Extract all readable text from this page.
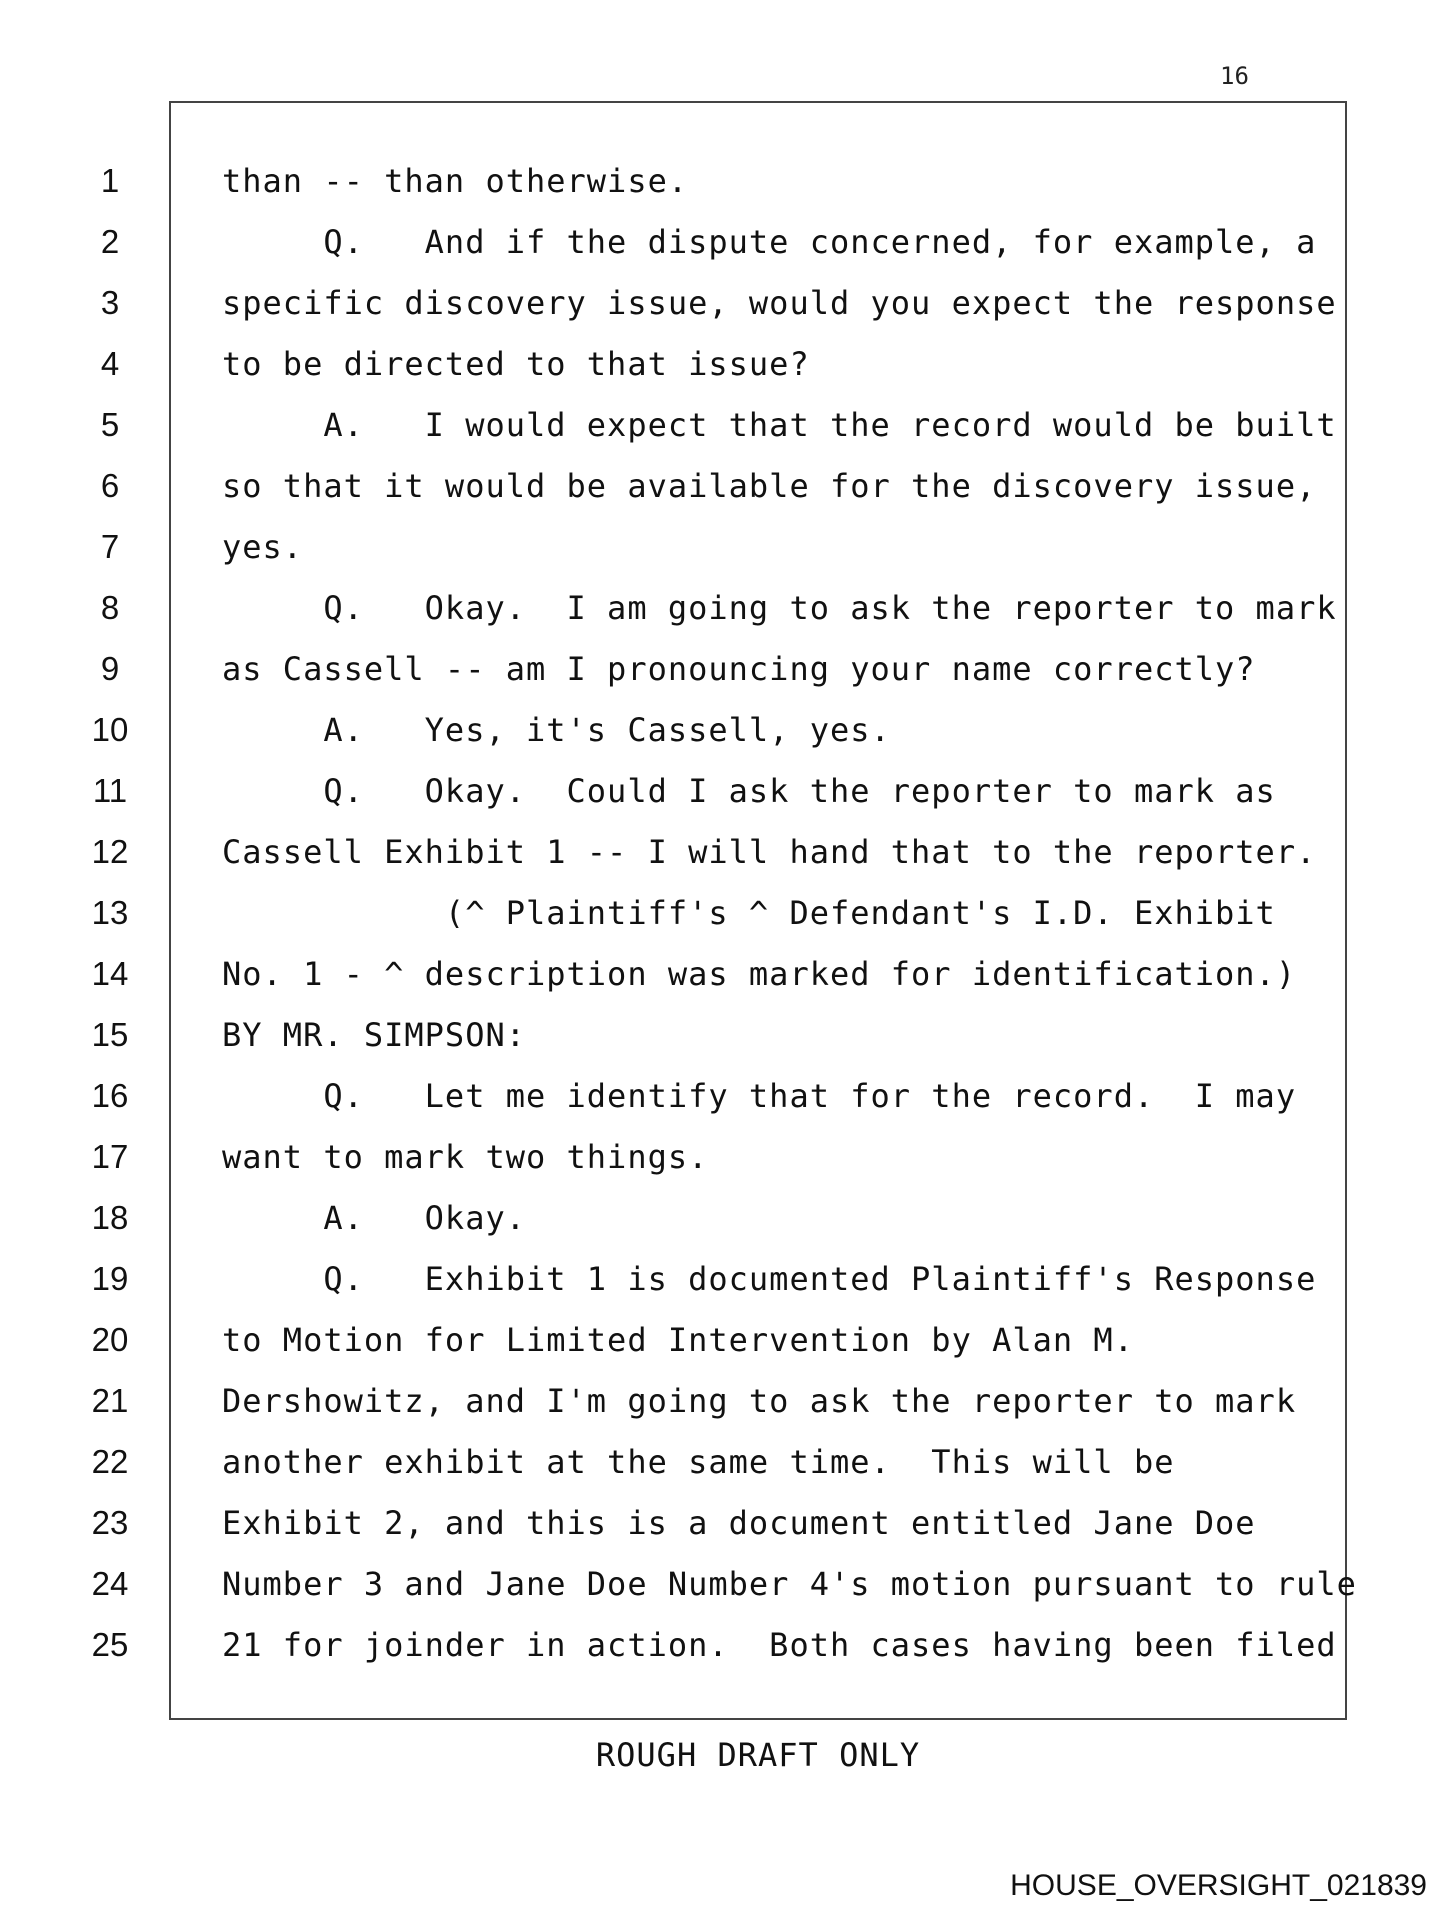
16
1
2
3
4
5
6
7
8
9
10
11
12
13
14
15
16
17
18
19
20
21
22
23
24
25
than -- than otherwise.
Q.   And if the dispute concerned, for example, a
specific discovery issue, would you expect the response
to be directed to that issue?
A.   I would expect that the record would be built
so that it would be available for the discovery issue,
yes.
Q.   Okay.  I am going to ask the reporter to mark
as Cassell -- am I pronouncing your name correctly?
A.   Yes, it's Cassell, yes.
Q.   Okay.  Could I ask the reporter to mark as
Cassell Exhibit 1 -- I will hand that to the reporter.
(^ Plaintiff's ^ Defendant's I.D. Exhibit
No. 1 - ^ description was marked for identification.)
BY MR. SIMPSON:
Q.   Let me identify that for the record.  I may
want to mark two things.
A.   Okay.
Q.   Exhibit 1 is documented Plaintiff's Response
to Motion for Limited Intervention by Alan M.
Dershowitz, and I'm going to ask the reporter to mark
another exhibit at the same time.  This will be
Exhibit 2, and this is a document entitled Jane Doe
Number 3 and Jane Doe Number 4's motion pursuant to rule
21 for joinder in action.  Both cases having been filed
ROUGH DRAFT ONLY
HOUSE_OVERSIGHT_021839
